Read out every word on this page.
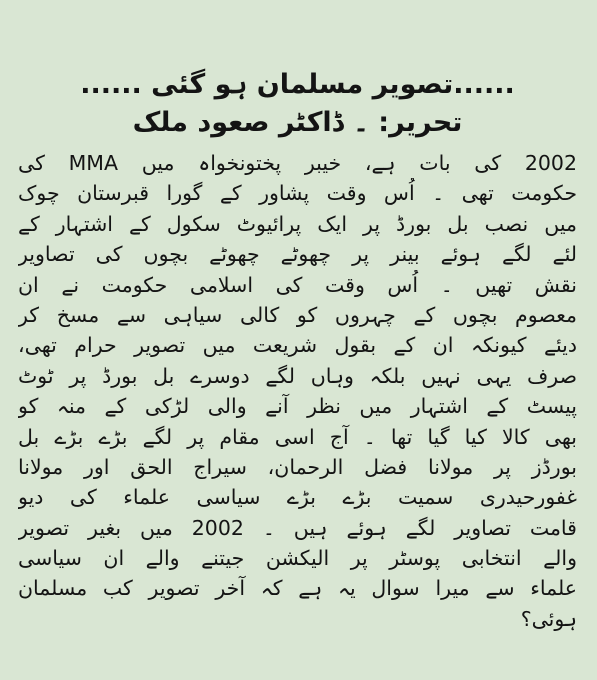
......تصویر مسلمان ہو گئی ......
تحریر: ۔ ڈاکٹر صعود ملک
2002 کی بات ہے، خیبر پختونخواہ میں MMA کی
حکومت تھی ۔ اُس وقت پشاور کے گورا قبرستان چوک
میں نصب بل بورڈ پر ایک پرائیوٹ سکول کے اشتہار کے
لئے لگے ہوئے بینر پر چھوٹے چھوٹے بچوں کی تصاویر
نقش تھیں ۔ اُس وقت کی اسلامی حکومت نے ان
معصوم بچوں کے چہروں کو کالی سیاہی سے مسخ کر
دیئے کیونکہ ان کے بقول شریعت میں تصویر حرام تھی،
صرف یہی نہیں بلکہ وہاں لگے دوسرے بل بورڈ پر ٹوٹ
پیسٹ کے اشتہار میں نظر آنے والی لڑکی کے منہ کو
بھی کالا کیا گیا تھا ۔ آج اسی مقام پر لگے بڑے بڑے بل
بورڈز پر مولانا فضل الرحمان، سیراج الحق اور مولانا
غفورحیدری سمیت بڑے بڑے سیاسی علماء کی دیو
قامت تصاویر لگے ہوئے ہیں ۔ 2002 میں بغیر تصویر
والے انتخابی پوسٹر پر الیکشن جیتنے والے ان سیاسی
علماء سے میرا سوال یہ ہے کہ آخر تصویر کب مسلمان
ہوئی؟
